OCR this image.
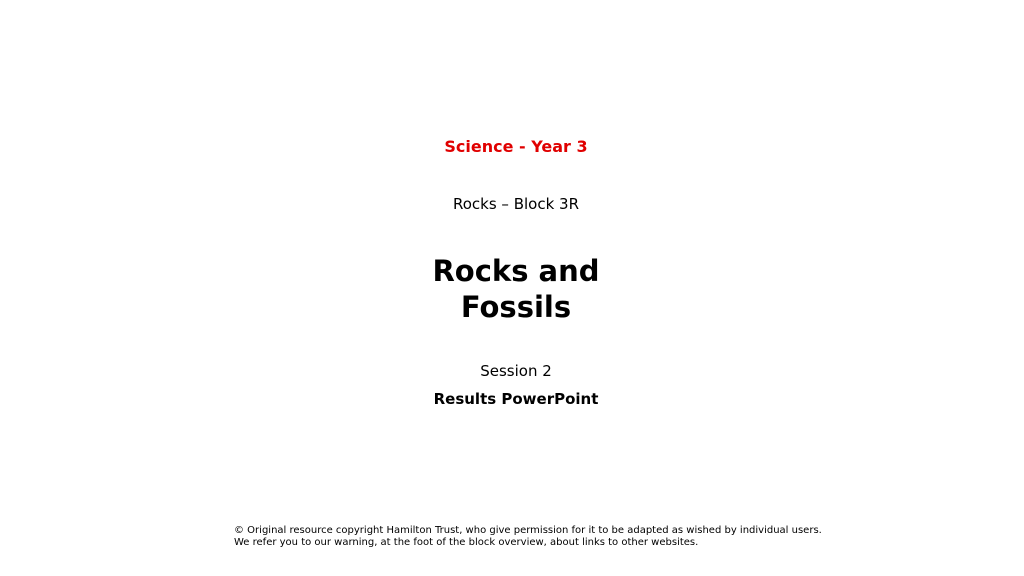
Science - Year 3
Rocks – Block 3R
Rocks and
Fossils
Session 2
Results PowerPoint
© Original resource copyright Hamilton Trust, who give permission for it to be adapted as wished by individual users.
We refer you to our warning, at the foot of the block overview, about links to other websites.
